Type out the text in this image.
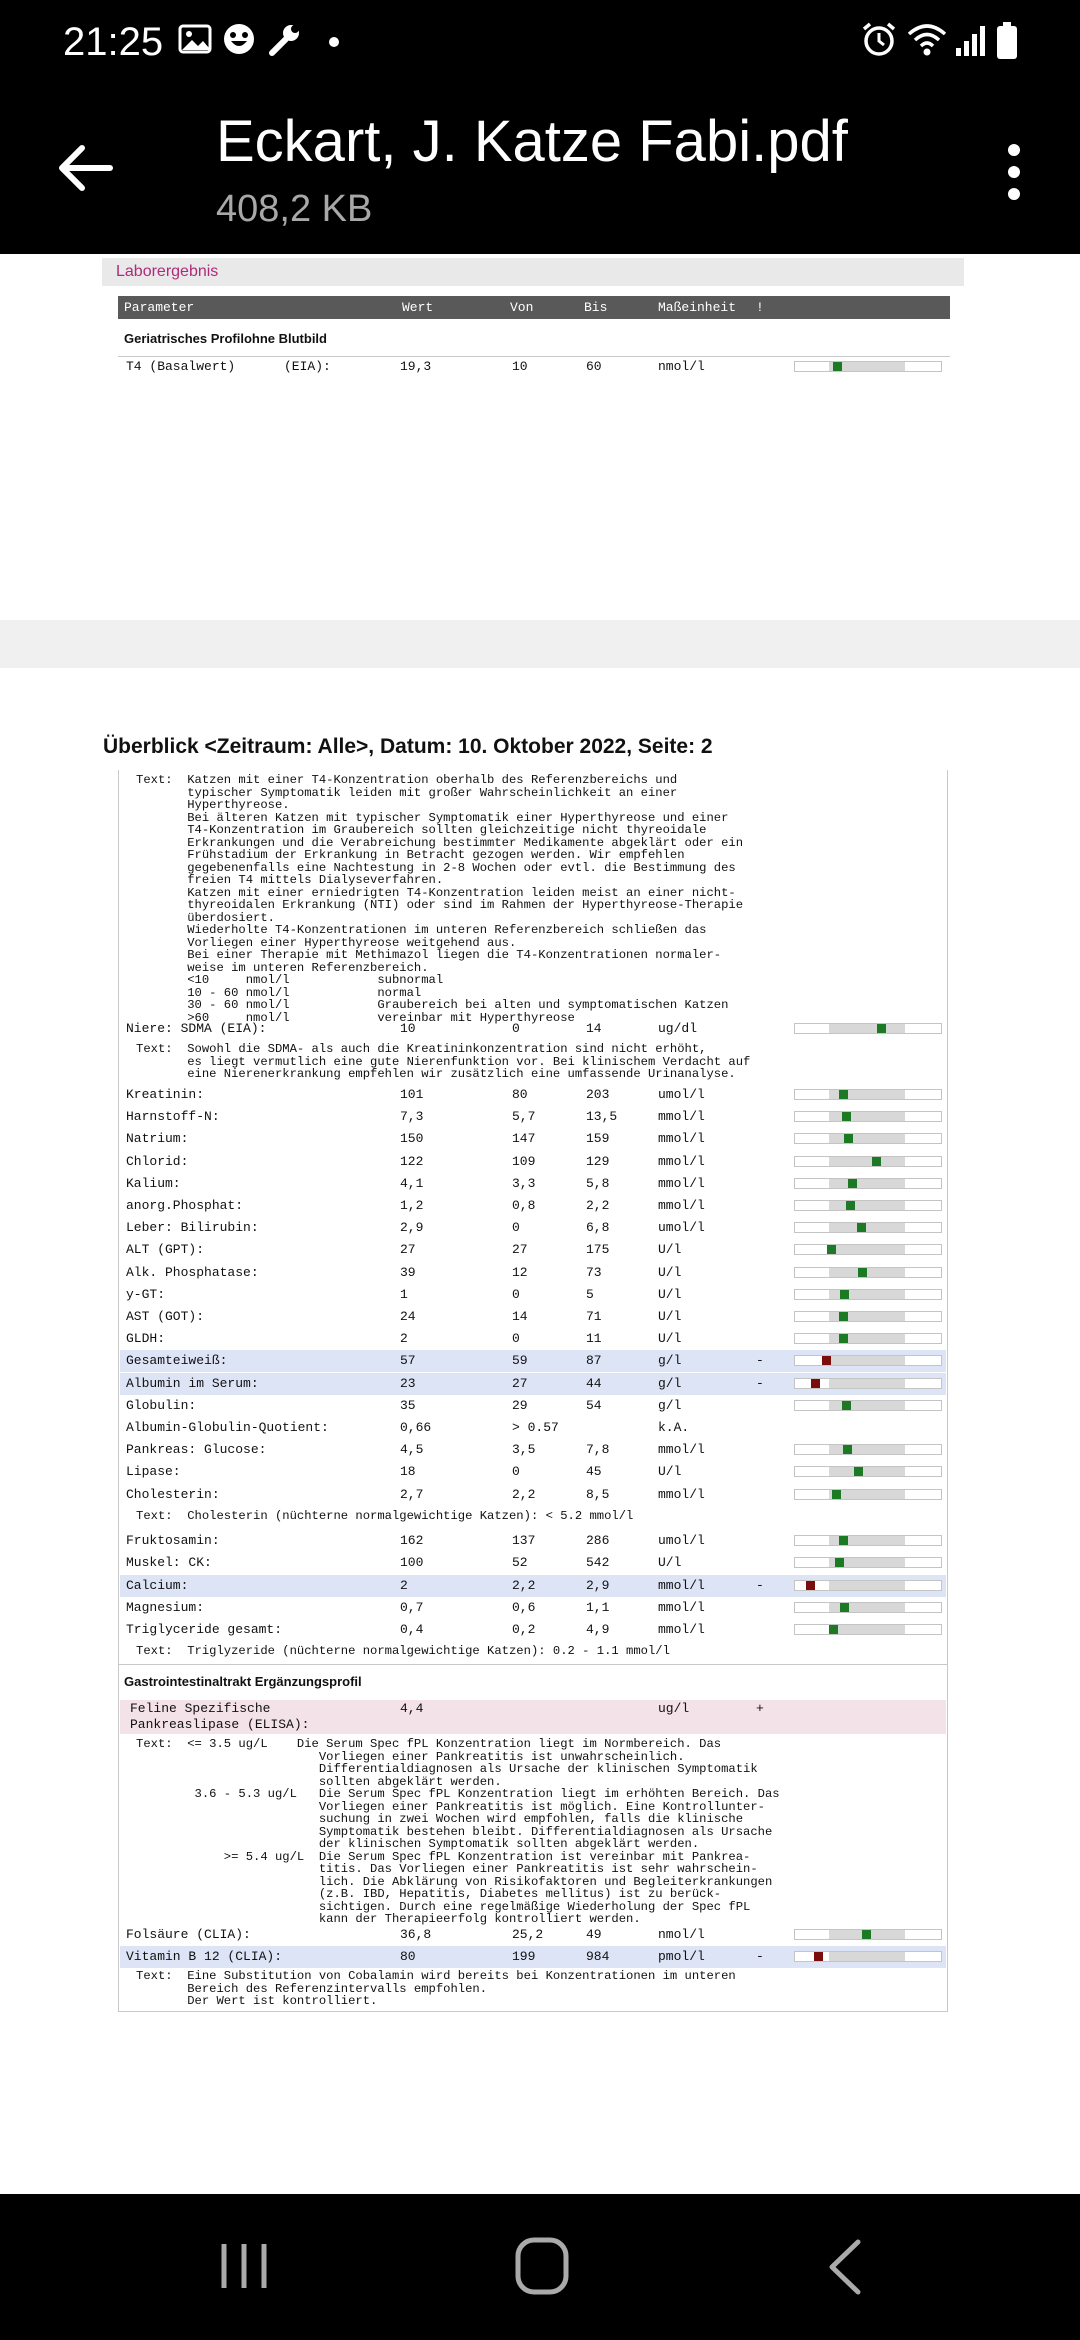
21:25
Eckart, J. Katze Fabi.pdf
408,2 KB
Laborergebnis
Parameter	Wert	Von	Bis	Maßeinheit !
Geriatrisches Profilohne Blutbild
T4 (Basalwert)	19,3	10	60	nmol/l
(EIA):
Überblick <Zeitraum: Alle>, Datum: 10. Oktober 2022, Seite: 2
Text:  Katzen mit einer T4-Konzentration oberhalb des Referenzbereichs und
typischer Symptomatik leiden mit großer Wahrscheinlichkeit an einer
Hyperthyreose.
Bei älteren Katzen mit typischer Symptomatik einer Hyperthyreose und einer
T4-Konzentration im Graubereich sollten gleichzeitige nicht thyreoidale
Erkrankungen und die Verabreichung bestimmter Medikamente abgeklärt oder ein
Frühstadium der Erkrankung in Betracht gezogen werden. Wir empfehlen
gegebenenfalls eine Nachtestung in 2-8 Wochen oder evtl. die Bestimmung des
freien T4 mittels Dialyseverfahren.
Katzen mit einer erniedrigten T4-Konzentration leiden meist an einer nicht-
thyreoidalen Erkrankung (NTI) oder sind im Rahmen der Hyperthyreose-Therapie
überdosiert.
Wiederholte T4-Konzentrationen im unteren Referenzbereich schließen das
Vorliegen einer Hyperthyreose weitgehend aus.
Bei einer Therapie mit Methimazol liegen die T4-Konzentrationen normaler-
weise im unteren Referenzbereich.
<10     nmol/l            subnormal
10 - 60 nmol/l            normal
30 - 60 nmol/l            Graubereich bei alten und symptomatischen Katzen
>60     nmol/l            vereinbar mit Hyperthyreose
Niere: SDMA (EIA):	10	0	14	ug/dl
Text:  Sowohl die SDMA- als auch die Kreatininkonzentration sind nicht erhöht,
es liegt vermutlich eine gute Nierenfunktion vor. Bei klinischem Verdacht auf
eine Nierenerkrankung empfehlen wir zusätzlich eine umfassende Urinanalyse.
Kreatinin:	101	80	203	umol/l
Harnstoff-N:	7,3	5,7	13,5	mmol/l
Natrium:	150	147	159	mmol/l
Chlorid:	122	109	129	mmol/l
Kalium:	4,1	3,3	5,8	mmol/l
anorg.Phosphat:	1,2	0,8	2,2	mmol/l
Leber: Bilirubin:	2,9	0	6,8	umol/l
ALT (GPT):	27	27	175	U/l
Alk. Phosphatase:	39	12	73	U/l
y-GT:	1	0	5	U/l
AST (GOT):	24	14	71	U/l
GLDH:	2	0	11	U/l
Gesamteiweiß:	57	59	87	g/l	-
Albumin im Serum:	23	27	44	g/l	-
Globulin:	35	29	54	g/l
Albumin-Globulin-Quotient:	0,66	> 0.57	k.A.
Pankreas: Glucose:	4,5	3,5	7,8	mmol/l
Lipase:	18	0	45	U/l
Cholesterin:	2,7	2,2	8,5	mmol/l
Text:  Cholesterin (nüchterne normalgewichtige Katzen): < 5.2 mmol/l
Fruktosamin:	162	137	286	umol/l
Muskel: CK:	100	52	542	U/l
Calcium:	2	2,2	2,9	mmol/l	-
Magnesium:	0,7	0,6	1,1	mmol/l
Triglyceride gesamt:	0,4	0,2	4,9	mmol/l
Text:  Triglyzeride (nüchterne normalgewichtige Katzen): 0.2 - 1.1 mmol/l
Gastrointestinaltrakt Ergänzungsprofil
Feline Spezifische
Pankreaslipase (ELISA):
4,4	ug/l	+
Text:  <= 3.5 ug/L    Die Serum Spec fPL Konzentration liegt im Normbereich. Das
Vorliegen einer Pankreatitis ist unwahrscheinlich.
Differentialdiagnosen als Ursache der klinischen Symptomatik
sollten abgeklärt werden.
3.6 - 5.3 ug/L   Die Serum Spec fPL Konzentration liegt im erhöhten Bereich. Das
Vorliegen einer Pankreatitis ist möglich. Eine Kontrollunter-
suchung in zwei Wochen wird empfohlen, falls die klinische
Symptomatik bestehen bleibt. Differentialdiagnosen als Ursache
der klinischen Symptomatik sollten abgeklärt werden.
>= 5.4 ug/L  Die Serum Spec fPL Konzentration ist vereinbar mit Pankrea-
titis. Das Vorliegen einer Pankreatitis ist sehr wahrschein-
lich. Die Abklärung von Risikofaktoren und Begleiterkrankungen
(z.B. IBD, Hepatitis, Diabetes mellitus) ist zu berück-
sichtigen. Durch eine regelmäßige Wiederholung der Spec fPL
kann der Therapieerfolg kontrolliert werden.
Folsäure (CLIA):	36,8	25,2	49	nmol/l
Vitamin B 12 (CLIA):	80	199	984	pmol/l	-
Text:  Eine Substitution von Cobalamin wird bereits bei Konzentrationen im unteren
Bereich des Referenzintervalls empfohlen.
Der Wert ist kontrolliert.
